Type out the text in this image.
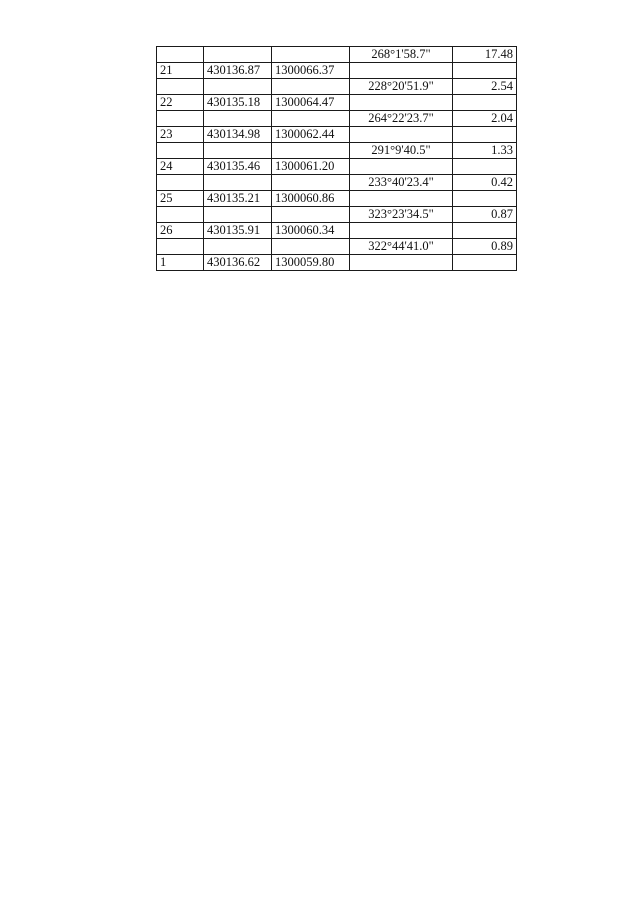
			268°1'58.7"	17.48
21	430136.87	1300066.37		
			228°20'51.9"	2.54
22	430135.18	1300064.47		
			264°22'23.7"	2.04
23	430134.98	1300062.44		
			291°9'40.5"	1.33
24	430135.46	1300061.20		
			233°40'23.4"	0.42
25	430135.21	1300060.86		
			323°23'34.5"	0.87
26	430135.91	1300060.34		
			322°44'41.0"	0.89
1	430136.62	1300059.80		
